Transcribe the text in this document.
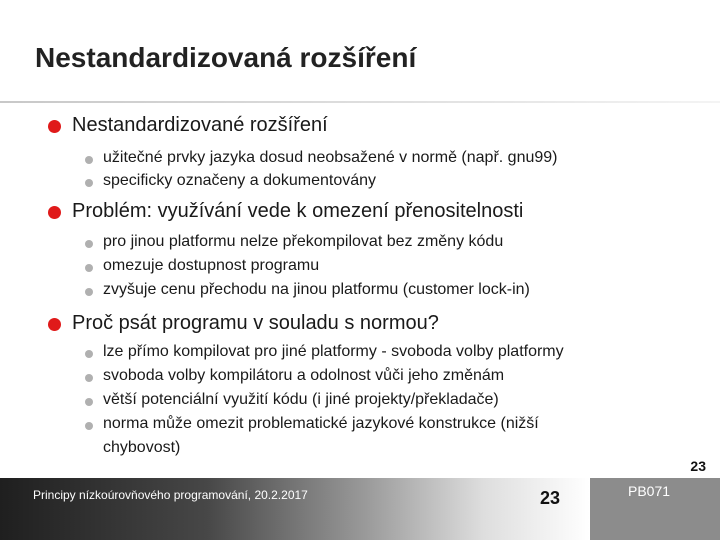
Nestandardizovaná rozšíření
Nestandardizované rozšíření
užitečné prvky jazyka dosud neobsažené v normě (např. gnu99)
specificky označeny a dokumentovány
Problém: využívání vede k omezení přenositelnosti
pro jinou platformu nelze překompilovat bez změny kódu
omezuje dostupnost programu
zvyšuje cenu přechodu na jinou platformu (customer lock-in)
Proč psát programu v souladu s normou?
lze přímo kompilovat pro jiné platformy - svoboda volby platformy
svoboda volby kompilátoru a odolnost vůči jeho změnám
větší potenciální využití kódu (i jiné projekty/překladače)
norma může omezit problematické jazykové konstrukce (nižší
chybovost)
23
Principy nízkoúrovňového programování, 20.2.2017	23	PB071
